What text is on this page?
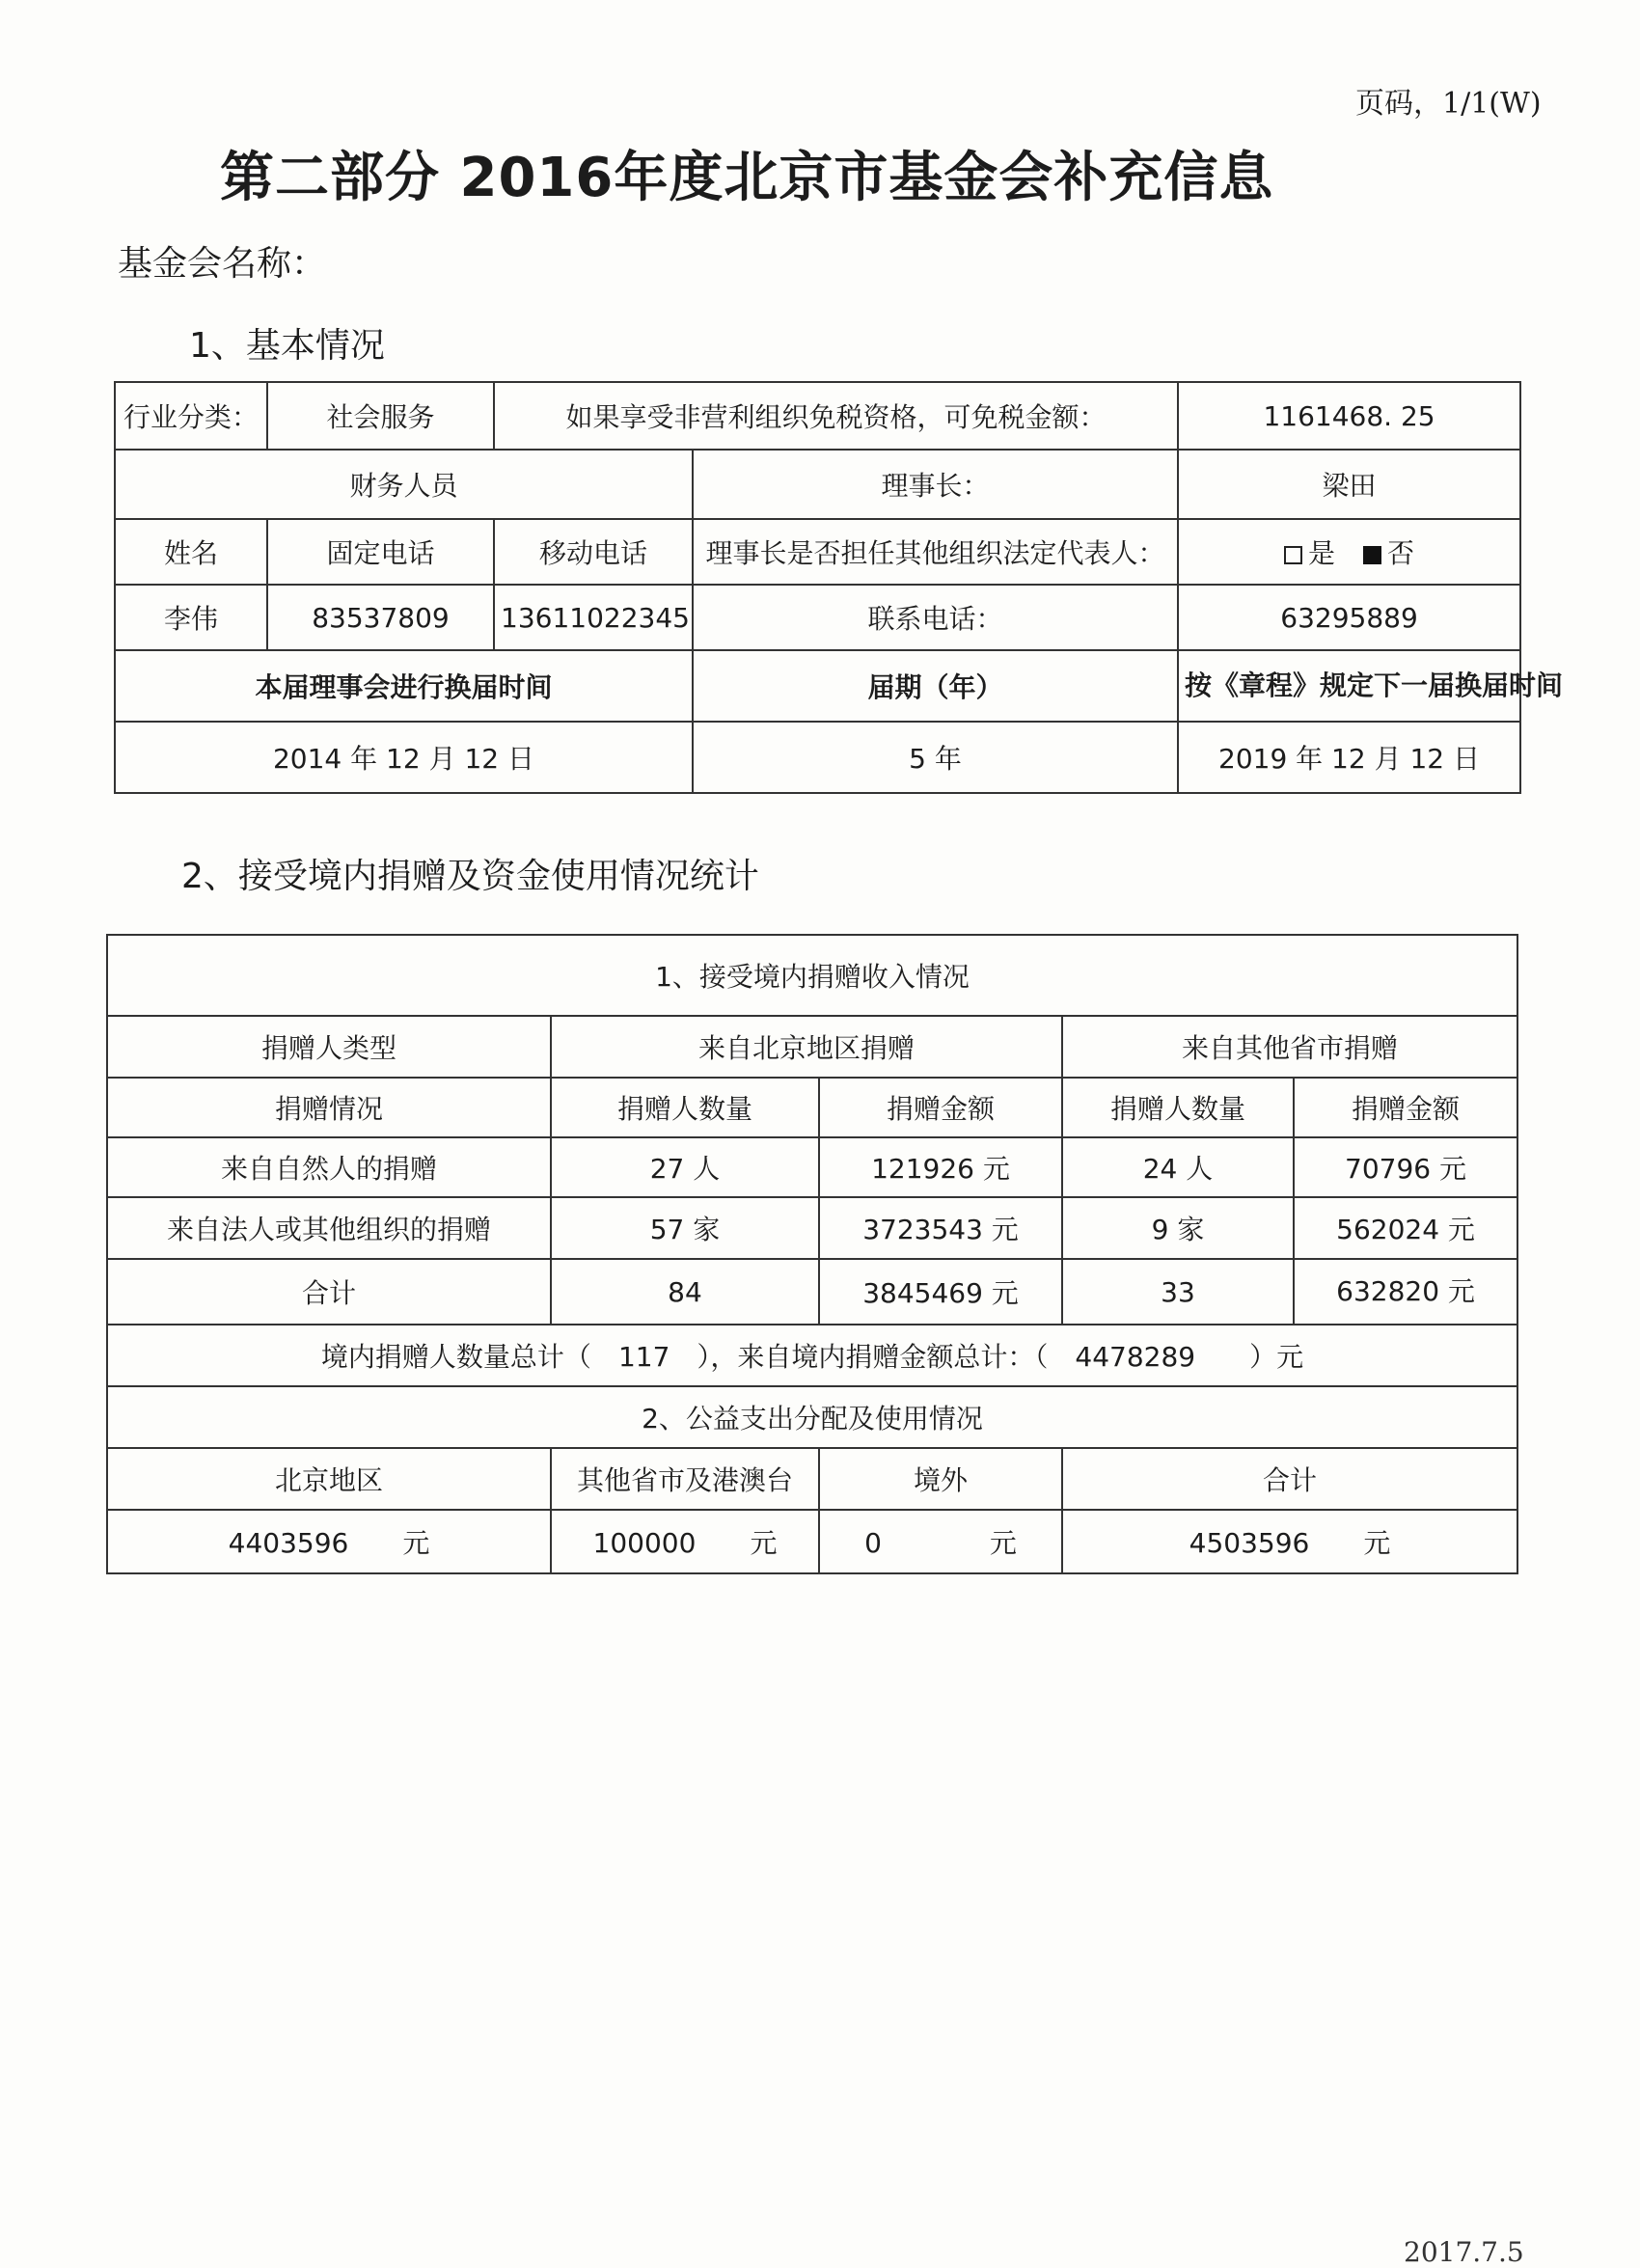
页码，1/1(W)
第二部分 2016年度北京市基金会补充信息
基金会名称：
1、基本情况
行业分类：	社会服务	如果享受非营利组织免税资格，可免税金额：		1161468. 25
财务人员			理事长：	梁田
姓名	固定电话	移动电话	理事长是否担任其他组织法定代表人：	是 否
李伟	83537809	13611022345	联系电话：	63295889
本届理事会进行换届时间			届期（年）	按《章程》规定下一届换届时间
2014 年 12 月 12 日			5 年	2019 年 12 月 12 日
2、接受境内捐赠及资金使用情况统计
1、接受境内捐赠收入情况				
捐赠人类型	来自北京地区捐赠		来自其他省市捐赠	
捐赠情况	捐赠人数量	捐赠金额	捐赠人数量	捐赠金额
来自自然人的捐赠	27 人	121926 元	24 人	70796 元
来自法人或其他组织的捐赠	57 家	3723543 元	9 家	562024 元
合计	84	3845469 元	33	632820 元
境内捐赠人数量总计（ 117 ），来自境内捐赠金额总计：（ 4478289 ）元				
2、公益支出分配及使用情况				
北京地区	其他省市及港澳台	境外	合计	
4403596 元	100000 元	0 元	4503596 元	
2017.7.5
